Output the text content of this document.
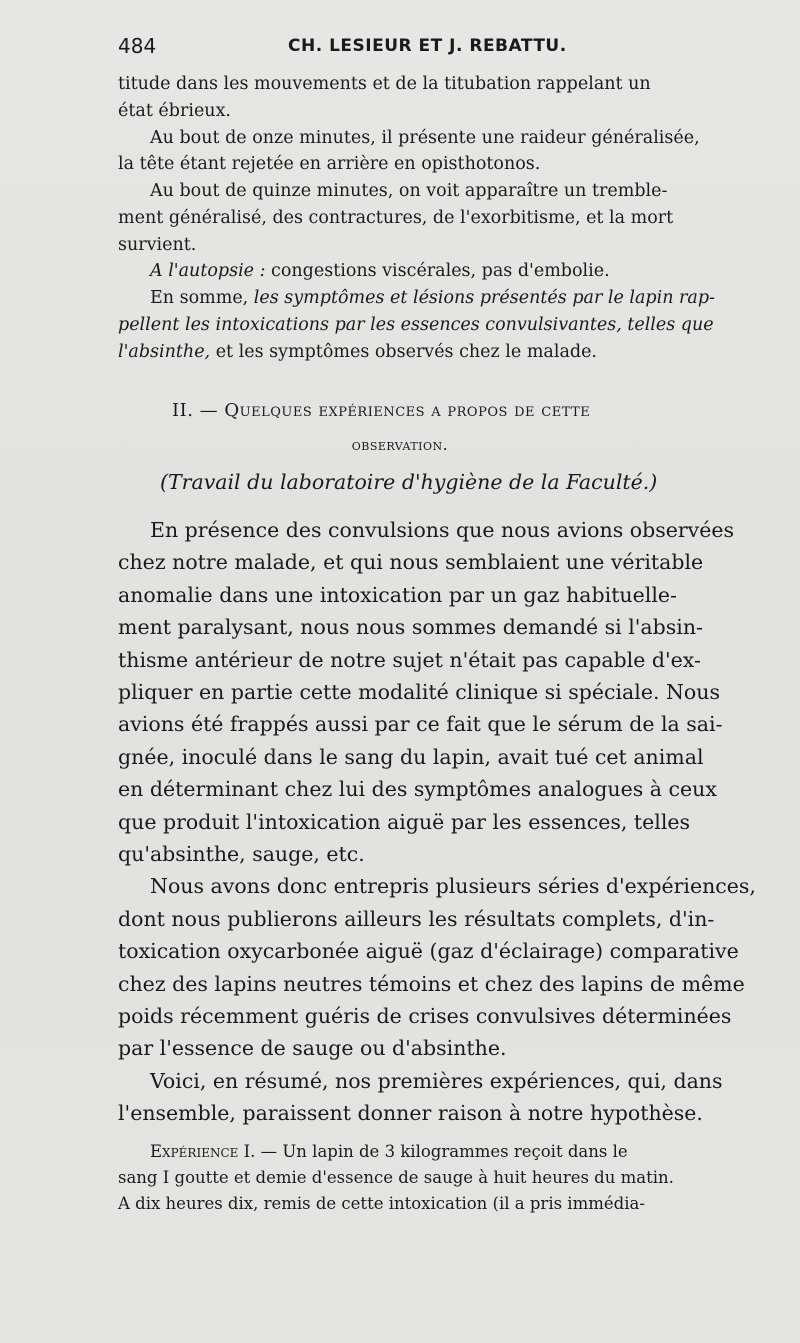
484	CH. LESIEUR ET J. REBATTU.
titude dans les mouvements et de la titubation rappelant un
état ébrieux.
Au bout de onze minutes, il présente une raideur généralisée,
la tête étant rejetée en arrière en opisthotonos.
Au bout de quinze minutes, on voit apparaître un tremble-
ment généralisé, des contractures, de l'exorbitisme, et la mort
survient.
A l'autopsie : congestions viscérales, pas d'embolie.
En somme, les symptômes et lésions présentés par le lapin rap-
pellent les intoxications par les essences convulsivantes, telles que
l'absinthe, et les symptômes observés chez le malade.
II. — Quelques expériences a propos de cette
observation.
(Travail du laboratoire d'hygiène de la Faculté.)
En présence des convulsions que nous avions observées
chez notre malade, et qui nous semblaient une véritable
anomalie dans une intoxication par un gaz habituelle-
ment paralysant, nous nous sommes demandé si l'absin-
thisme antérieur de notre sujet n'était pas capable d'ex-
pliquer en partie cette modalité clinique si spéciale. Nous
avions été frappés aussi par ce fait que le sérum de la sai-
gnée, inoculé dans le sang du lapin, avait tué cet animal
en déterminant chez lui des symptômes analogues à ceux
que produit l'intoxication aiguë par les essences, telles
qu'absinthe, sauge, etc.
Nous avons donc entrepris plusieurs séries d'expériences,
dont nous publierons ailleurs les résultats complets, d'in-
toxication oxycarbonée aiguë (gaz d'éclairage) comparative
chez des lapins neutres témoins et chez des lapins de même
poids récemment guéris de crises convulsives déterminées
par l'essence de sauge ou d'absinthe.
Voici, en résumé, nos premières expériences, qui, dans
l'ensemble, paraissent donner raison à notre hypothèse.
Expérience I. — Un lapin de 3 kilogrammes reçoit dans le
sang I goutte et demie d'essence de sauge à huit heures du matin.
A dix heures dix, remis de cette intoxication (il a pris immédia-
